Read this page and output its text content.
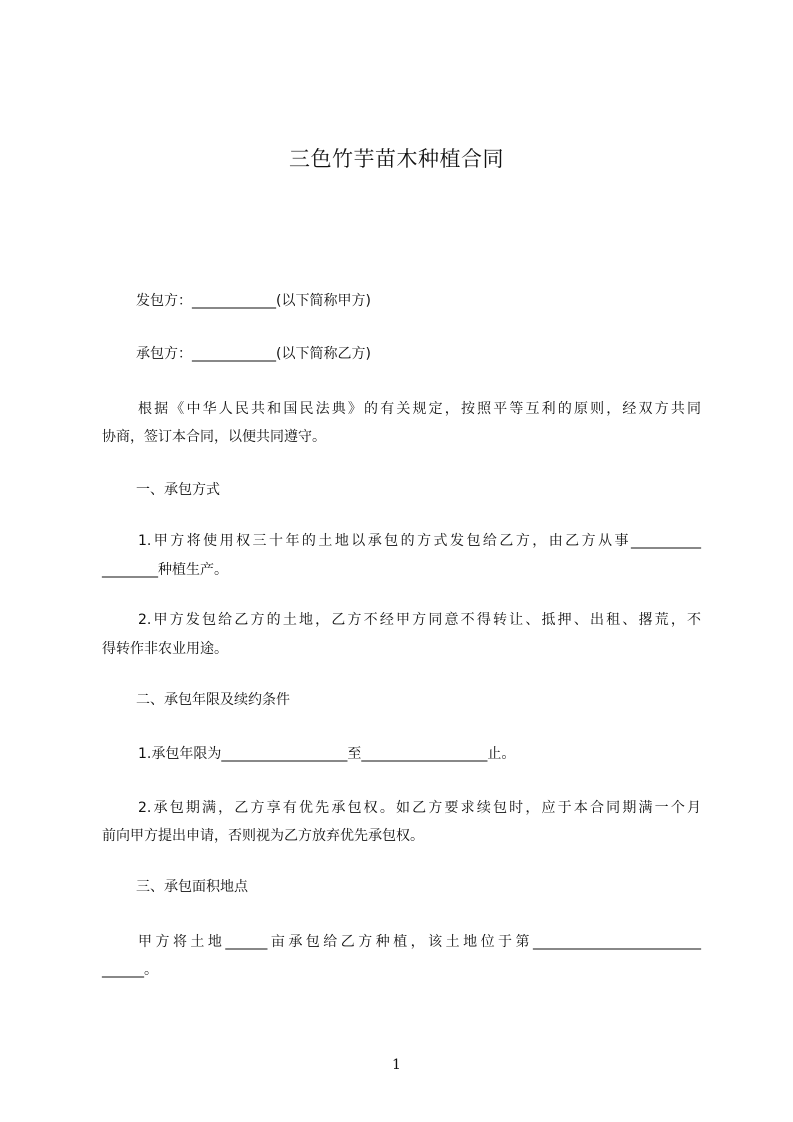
三色竹芋苗木种植合同
发包方：____________(以下简称甲方)
承包方：____________(以下简称乙方)
根据《中华人民共和国民法典》的有关规定，按照平等互利的原则，经双方共同
协商，签订本合同，以便共同遵守。
一、承包方式
1.甲方将使用权三十年的土地以承包的方式发包给乙方，由乙方从事__________
________种植生产。
2.甲方发包给乙方的土地，乙方不经甲方同意不得转让、抵押、出租、撂荒，不
得转作非农业用途。
二、承包年限及续约条件
1.承包年限为__________________至__________________止。
2.承包期满，乙方享有优先承包权。如乙方要求续包时，应于本合同期满一个月
前向甲方提出申请，否则视为乙方放弃优先承包权。
三、承包面积地点
甲方将土地______亩承包给乙方种植，该土地位于第________________________
______。
1
